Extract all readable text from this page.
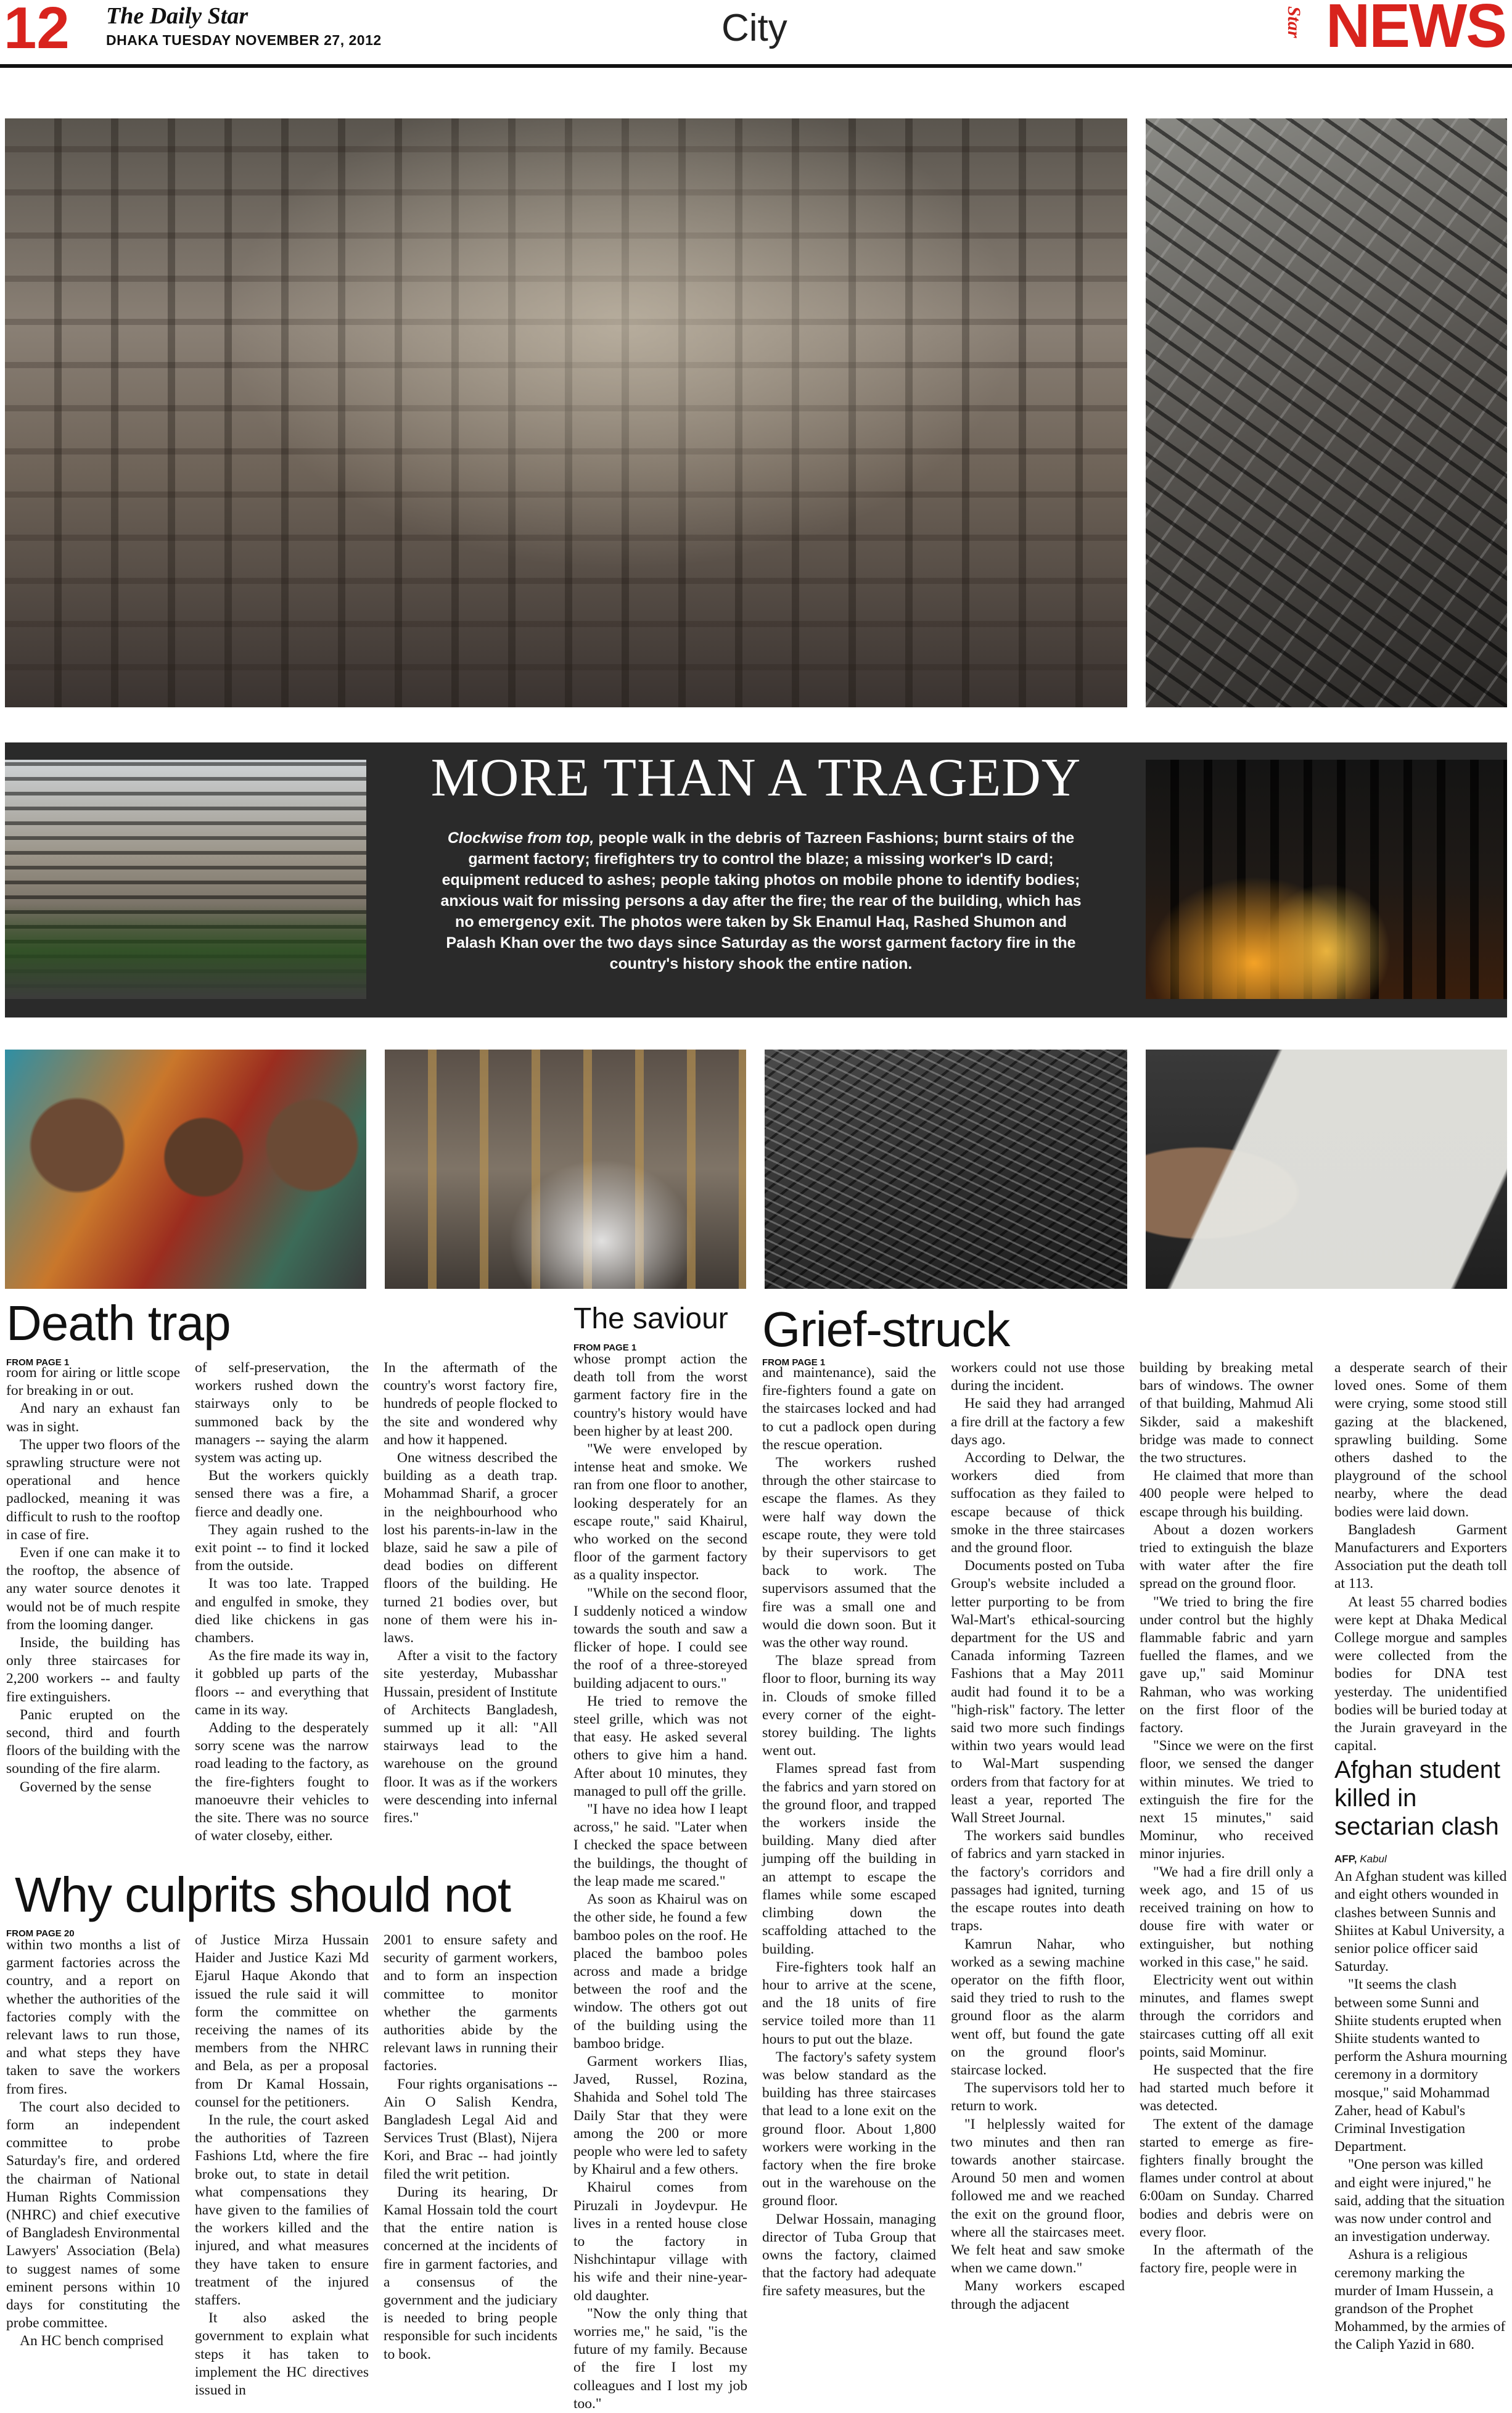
12 The Daily Star
DHAKA TUESDAY NOVEMBER 27, 2012	City	Star NEWS
MORE THAN A TRAGEDY
Clockwise from top, people walk in the debris of Tazreen Fashions; burnt stairs of the garment factory; firefighters try to control the blaze; a missing worker's ID card; equipment reduced to ashes; people taking photos on mobile phone to identify bodies; anxious wait for missing persons a day after the fire; the rear of the building, which has no emergency exit. The photos were taken by Sk Enamul Haq, Rashed Shumon and Palash Khan over the two days since Saturday as the worst garment factory fire in the country's history shook the entire nation.
Death trap
FROM PAGE 1

room for airing or little scope for breaking in or out.

And nary an exhaust fan was in sight.

The upper two floors of the sprawling structure were not operational and hence padlocked, meaning it was difficult to rush to the rooftop in case of fire.

Even if one can make it to the rooftop, the absence of any water source denotes it would not be of much respite from the looming danger.

Inside, the building has only three staircases for 2,200 workers -- and faulty fire extinguishers.

Panic erupted on the second, third and fourth floors of the building with the sounding of the fire alarm.

Governed by the sense

of self-preservation, the workers rushed down the stairways only to be summoned back by the managers -- saying the alarm system was acting up.

But the workers quickly sensed there was a fire, a fierce and deadly one.

They again rushed to the exit point -- to find it locked from the outside.

It was too late. Trapped and engulfed in smoke, they died like chickens in gas chambers.

As the fire made its way in, it gobbled up parts of the floors -- and everything that came in its way.

Adding to the desperately sorry scene was the narrow road leading to the factory, as the fire-fighters fought to manoeuvre their vehicles to the site. There was no source of water closeby, either.

In the aftermath of the country's worst factory fire, hundreds of people flocked to the site and wondered why and how it happened.

One witness described the building as a death trap. Mohammad Sharif, a grocer in the neighbourhood who lost his parents-in-law in the blaze, said he saw a pile of dead bodies on different floors of the building. He turned 21 bodies over, but none of them were his in-laws.

After a visit to the factory site yesterday, Mubasshar Hussain, president of Institute of Architects Bangladesh, summed up it all: "All stairways lead to the warehouse on the ground floor. It was as if the workers were descending into infernal fires."

Why culprits should not
FROM PAGE 20

within two months a list of garment factories across the country, and a report on whether the authorities of the factories comply with the relevant laws to run those, and what steps they have taken to save the workers from fires.

The court also decided to form an independent committee to probe Saturday's fire, and ordered the chairman of National Human Rights Commission (NHRC) and chief executive of Bangladesh Environmental Lawyers' Association (Bela) to suggest names of some eminent persons within 10 days for constituting the probe committee.

An HC bench comprised

of Justice Mirza Hussain Haider and Justice Kazi Md Ejarul Haque Akondo that issued the rule said it will form the committee on receiving the names of its members from the NHRC and Bela, as per a proposal from Dr Kamal Hossain, counsel for the petitioners.

In the rule, the court asked the authorities of Tazreen Fashions Ltd, where the fire broke out, to state in detail what compensations they have given to the families of the workers killed and the injured, and what measures they have taken to ensure treatment of the injured staffers.

It also asked the government to explain what steps it has taken to implement the HC directives issued in

2001 to ensure safety and security of garment workers, and to form an inspection committee to monitor whether the garments authorities abide by the relevant laws in running their factories.

Four rights organisations -- Ain O Salish Kendra, Bangladesh Legal Aid and Services Trust (Blast), Nijera Kori, and Brac -- had jointly filed the writ petition.

During its hearing, Dr Kamal Hossain told the court that the entire nation is concerned at the incidents of fire in garment factories, and a consensus of the government and the judiciary is needed to bring people responsible for such incidents to book.

The saviour
FROM PAGE 1

whose prompt action the death toll from the worst garment factory fire in the country's history would have been higher by at least 200.

"We were enveloped by intense heat and smoke. We ran from one floor to another, looking desperately for an escape route," said Khairul, who worked on the second floor of the garment factory as a quality inspector.

"While on the second floor, I suddenly noticed a window towards the south and saw a flicker of hope. I could see the roof of a three-storeyed building adjacent to ours."

He tried to remove the steel grille, which was not that easy. He asked several others to give him a hand. After about 10 minutes, they managed to pull off the grille.

"I have no idea how I leapt across," he said. "Later when I checked the space between the buildings, the thought of the leap made me scared."

As soon as Khairul was on the other side, he found a few bamboo poles on the roof. He placed the bamboo poles across and made a bridge between the roof and the window. The others got out of the building using the bamboo bridge.

Garment workers Ilias, Javed, Russel, Rozina, Shahida and Sohel told The Daily Star that they were among the 200 or more people who were led to safety by Khairul and a few others.

Khairul comes from Piruzali in Joydevpur. He lives in a rented house close to the factory in Nishchintapur village with his wife and their nine-year-old daughter.

"Now the only thing that worries me," he said, "is the future of my family. Because of the fire I lost my colleagues and I lost my job too."

Grief-struck
FROM PAGE 1

and maintenance), said the fire-fighters found a gate on the staircases locked and had to cut a padlock open during the rescue operation.

The workers rushed through the other staircase to escape the flames. As they were half way down the escape route, they were told by their supervisors to get back to work. The supervisors assumed that the fire was a small one and would die down soon. But it was the other way round.

The blaze spread from floor to floor, burning its way in. Clouds of smoke filled every corner of the eight-storey building. The lights went out.

Flames spread fast from the fabrics and yarn stored on the ground floor, and trapped the workers inside the building. Many died after jumping off the building in an attempt to escape the flames while some escaped climbing down the scaffolding attached to the building.

Fire-fighters took half an hour to arrive at the scene, and the 18 units of fire service toiled more than 11 hours to put out the blaze.

The factory's safety system was below standard as the building has three staircases that lead to a lone exit on the ground floor. About 1,800 workers were working in the factory when the fire broke out in the warehouse on the ground floor.

Delwar Hossain, managing director of Tuba Group that owns the factory, claimed that the factory had adequate fire safety measures, but the

workers could not use those during the incident.

He said they had arranged a fire drill at the factory a few days ago.

According to Delwar, the workers died from suffocation as they failed to escape because of thick smoke in the three staircases and the ground floor.

Documents posted on Tuba Group's website included a letter purporting to be from Wal-Mart's ethical-sourcing department for the US and Canada informing Tazreen Fashions that a May 2011 audit had found it to be a "high-risk" factory. The letter said two more such findings within two years would lead to Wal-Mart suspending orders from that factory for at least a year, reported The Wall Street Journal.

The workers said bundles of fabrics and yarn stacked in the factory's corridors and passages had ignited, turning the escape routes into death traps.

Kamrun Nahar, who worked as a sewing machine operator on the fifth floor, said they tried to rush to the ground floor as the alarm went off, but found the gate on the ground floor's staircase locked.

The supervisors told her to return to work.

"I helplessly waited for two minutes and then ran towards another staircase. Around 50 men and women followed me and we reached the exit on the ground floor, where all the staircases meet. We felt heat and saw smoke when we came down."

Many workers escaped through the adjacent

building by breaking metal bars of windows. The owner of that building, Mahmud Ali Sikder, said a makeshift bridge was made to connect the two structures.

He claimed that more than 400 people were helped to escape through his building.

About a dozen workers tried to extinguish the blaze with water after the fire spread on the ground floor.

"We tried to bring the fire under control but the highly flammable fabric and yarn fuelled the flames, and we gave up," said Mominur Rahman, who was working on the first floor of the factory.

"Since we were on the first floor, we sensed the danger within minutes. We tried to extinguish the fire for the next 15 minutes," said Mominur, who received minor injuries.

"We had a fire drill only a week ago, and 15 of us received training on how to douse fire with water or extinguisher, but nothing worked in this case," he said.

Electricity went out within minutes, and flames swept through the corridors and staircases cutting off all exit points, said Mominur.

He suspected that the fire had started much before it was detected.

The extent of the damage started to emerge as fire-fighters finally brought the flames under control at about 6:00am on Sunday. Charred bodies and debris were on every floor.

In the aftermath of the factory fire, people were in

a desperate search of their loved ones. Some of them were crying, some stood still gazing at the blackened, sprawling building. Some others dashed to the playground of the school nearby, where the dead bodies were laid down.

Bangladesh Garment Manufacturers and Exporters Association put the death toll at 113.

At least 55 charred bodies were kept at Dhaka Medical College morgue and samples were collected from the bodies for DNA test yesterday. The unidentified bodies will be buried today at the Jurain graveyard in the capital.

Afghan student killed in sectarian clash

AFP, Kabul

An Afghan student was killed and eight others wounded in clashes between Sunnis and Shiites at Kabul University, a senior police officer said Saturday.

"It seems the clash between some Sunni and Shiite students erupted when Shiite students wanted to perform the Ashura mourning ceremony in a dormitory mosque," said Mohammad Zaher, head of Kabul's Criminal Investigation Department.

"One person was killed and eight were injured," he said, adding that the situation was now under control and an investigation underway.

Ashura is a religious ceremony marking the murder of Imam Hussein, a grandson of the Prophet Mohammed, by the armies of the Caliph Yazid in 680.
